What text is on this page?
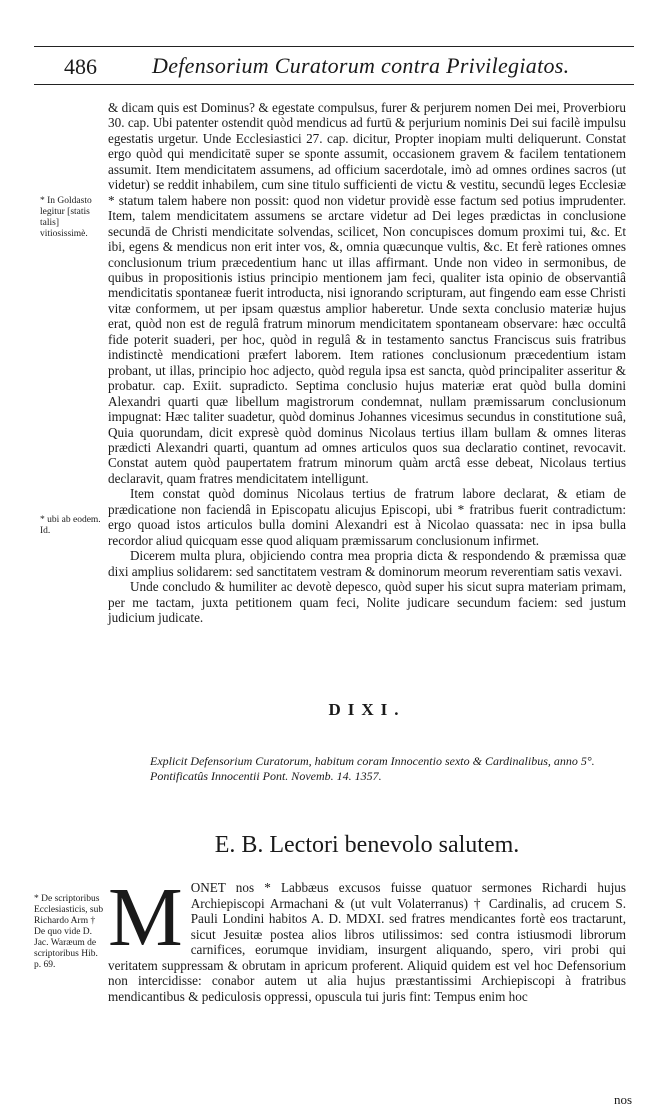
486	Defensorium Curatorum contra Privilegiatos.

& dicam quis est Dominus? & egestate compulsus, furer & perjurem nomen Dei mei, Proverbioru 30. cap. Ubi patenter ostendit quòd mendicus ad furtū & perjurium nominis Dei sui facilè impulsu egestatis urgetur. Unde Ecclesiastici 27. cap. dicitur, Propter inopiam multi deliquerunt. Constat ergo quòd qui mendicitatē super se sponte assumit, occasionem gravem & facilem tentationem assumit. Item mendicitatem assumens, ad officium sacerdotale, imò ad omnes ordines sacros (ut videtur) se reddit inhabilem, cum sine titulo sufficienti de victu & vestitu, secundū leges Ecclesiæ * statum talem habere non possit: quod non videtur providè esse factum sed potius imprudenter. Item, talem mendicitatem assumens se arctare videtur ad Dei leges prædictas in conclusione secundā de Christi mendicitate solvendas, scilicet, Non concupisces domum proximi tui, &c. Et ibi, egens & mendicus non erit inter vos, &, omnia quæcunque vultis, &c. Et ferè rationes omnes conclusionum trium præcedentium hanc ut illas affirmant. Unde non video in sermonibus, de quibus in propositionis istius principio mentionem jam feci, qualiter ista opinio de observantiâ mendicitatis spontaneæ fuerit introducta, nisi ignorando scripturam, aut fingendo eam esse Christi vitæ conformem, ut per ipsam quæstus amplior haberetur. Unde sexta conclusio materiæ hujus erat, quòd non est de regulâ fratrum minorum mendicitatem spontaneam observare: hæc occultâ fide poterit suaderi, per hoc, quòd in regulâ & in testamento sanctus Franciscus suis fratribus indistinctè mendicationi præfert laborem. Item rationes conclusionum præcedentium istam probant, ut illas, principio hoc adjecto, quòd regula ipsa est sancta, quòd principaliter asseritur & probatur. cap. Exiit. supradicto. Septima conclusio hujus materiæ erat quòd bulla domini Alexandri quarti quæ libellum magistrorum condemnat, nullam præmissarum conclusionum impugnat: Hæc taliter suadetur, quòd dominus Johannes vicesimus secundus in constitutione suâ, Quia quorundam, dicit expresè quòd dominus Nicolaus tertius illam bullam & omnes literas prædicti Alexandri quarti, quantum ad omnes articulos quos sua declaratio continet, revocavit. Constat autem quòd paupertatem fratrum minorum quàm arctâ esse debeat, Nicolaus tertius declaravit, quam fratres mendicitatem intelligunt.

Item constat quòd dominus Nicolaus tertius de fratrum labore declarat, & etiam de prædicatione non faciendâ in Episcopatu alicujus Episcopi, ubi * fratribus fuerit contradictum: ergo quoad istos articulos bulla domini Alexandri est à Nicolao quassata: nec in ipsa bulla recordor aliud quicquam esse quod aliquam præmissarum conclusionum infirmet.

Dicerem multa plura, objiciendo contra mea propria dicta & respondendo & præmissa quæ dixi amplius solidarem: sed sanctitatem vestram & dominorum meorum reverentiam satis vexavi.

Unde concludo & humiliter ac devotè depesco, quòd super his sicut supra materiam primam, per me tactam, juxta petitionem quam feci, Nolite judicare secundum faciem: sed justum judicium judicate.

* In Goldasto legitur [statis talis] vitiosissimè.
* ubi ab eodem. Id.
DIXI.
Explicit Defensorium Curatorum, habitum coram Innocentio sexto & Cardinalibus, anno 5°. Pontificatûs Innocentii Pont. Novemb. 14. 1357.
E. B. Lectori benevolo salutem.
* De scriptoribus Ecclesiasticis, sub Richardo Arm † De quo vide D. Jac. Waræum de scriptoribus Hib. p. 69.
M ONET nos * Labbæus excusos fuisse quatuor sermones Richardi hujus Archiepiscopi Armachani & (ut vult Volaterranus) † Cardinalis, ad crucem S. Pauli Londini habitos A. D. MDXI. sed fratres mendicantes fortè eos tractarunt, sicut Jesuitæ postea alios libros utilissimos: sed contra istiusmodi librorum carnifices, eorumque invidiam, insurgent aliquando, spero, viri probi qui veritatem suppressam & obrutam in apricum proferent. Aliquid quidem est vel hoc Defensorium non intercidisse: conabor autem ut alia hujus præstantissimi Archiepiscopi à fratribus mendicantibus & pediculosis oppressi, opuscula tui juris fint: Tempus enim hoc
nos
